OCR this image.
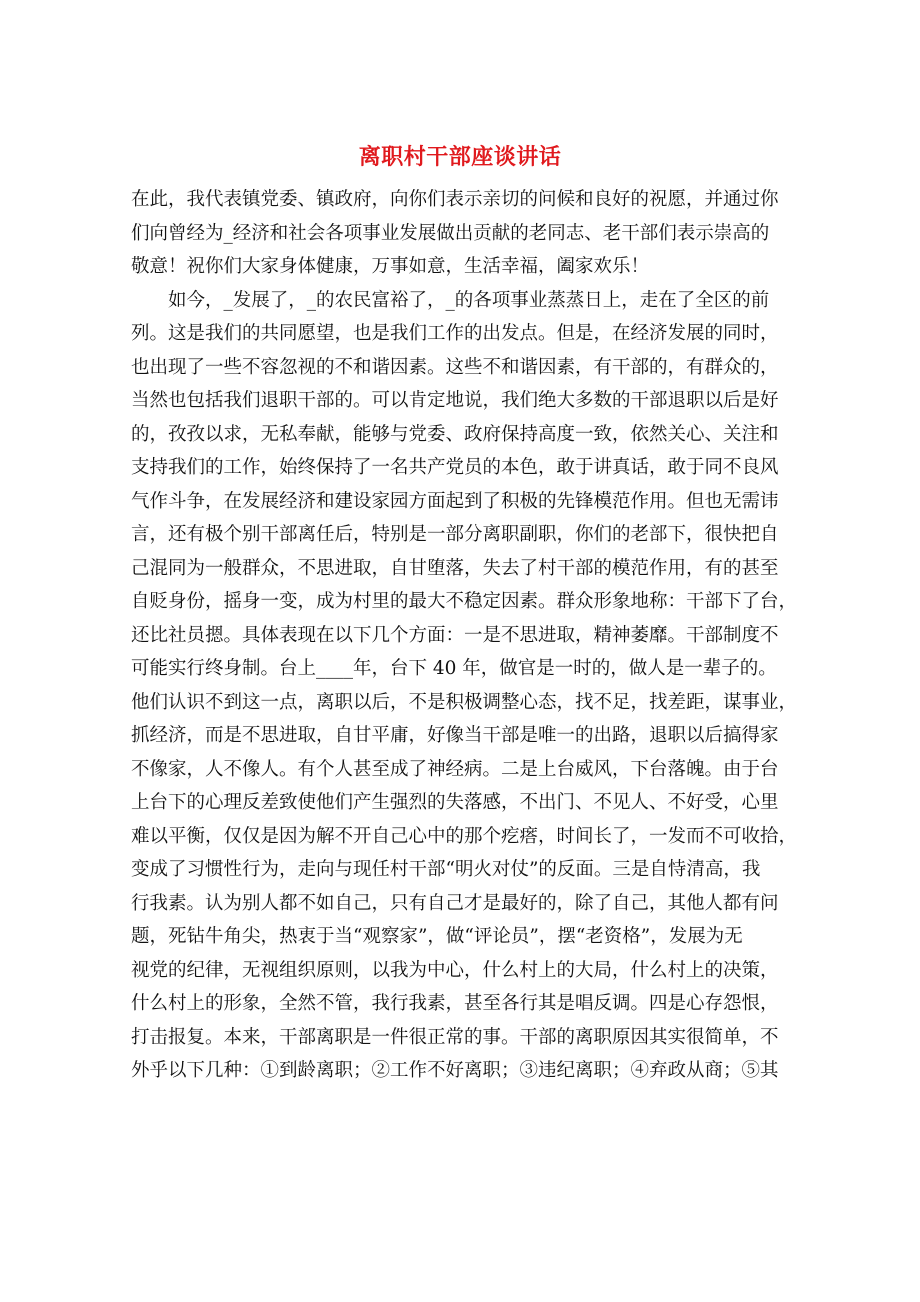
离职村干部座谈讲话
在此，我代表镇党委、镇政府，向你们表示亲切的问候和良好的祝愿，并通过你
们向曾经为_经济和社会各项事业发展做出贡献的老同志、老干部们表示崇高的
敬意！祝你们大家身体健康，万事如意，生活幸福，阖家欢乐！
如今，_发展了，_的农民富裕了，_的各项事业蒸蒸日上，走在了全区的前
列。这是我们的共同愿望，也是我们工作的出发点。但是，在经济发展的同时，
也出现了一些不容忽视的不和谐因素。这些不和谐因素，有干部的，有群众的，
当然也包括我们退职干部的。可以肯定地说，我们绝大多数的干部退职以后是好
的，孜孜以求，无私奉献，能够与党委、政府保持高度一致，依然关心、关注和
支持我们的工作，始终保持了一名共产党员的本色，敢于讲真话，敢于同不良风
气作斗争，在发展经济和建设家园方面起到了积极的先锋模范作用。但也无需讳
言，还有极个别干部离任后，特别是一部分离职副职，你们的老部下，很快把自
己混同为一般群众，不思进取，自甘堕落，失去了村干部的模范作用，有的甚至
自贬身份，摇身一变，成为村里的最大不稳定因素。群众形象地称：干部下了台，
还比社员摁。具体表现在以下几个方面：一是不思进取，精神萎靡。干部制度不
可能实行终身制。台上____年，台下 40 年，做官是一时的，做人是一辈子的。
他们认识不到这一点，离职以后，不是积极调整心态，找不足，找差距，谋事业，
抓经济，而是不思进取，自甘平庸，好像当干部是唯一的出路，退职以后搞得家
不像家，人不像人。有个人甚至成了神经病。二是上台威风，下台落魄。由于台
上台下的心理反差致使他们产生强烈的失落感，不出门、不见人、不好受，心里
难以平衡，仅仅是因为解不开自己心中的那个疙瘩，时间长了，一发而不可收拾，
变成了习惯性行为，走向与现任村干部“明火对仗”的反面。三是自恃清高，我
行我素。认为别人都不如自己，只有自己才是最好的，除了自己，其他人都有问
题，死钻牛角尖，热衷于当“观察家”，做“评论员”，摆“老资格”，发展为无
视党的纪律，无视组织原则，以我为中心，什么村上的大局，什么村上的决策，
什么村上的形象，全然不管，我行我素，甚至各行其是唱反调。四是心存怨恨，
打击报复。本来，干部离职是一件很正常的事。干部的离职原因其实很简单，不
外乎以下几种：①到龄离职；②工作不好离职；③违纪离职；④弃政从商；⑤其
